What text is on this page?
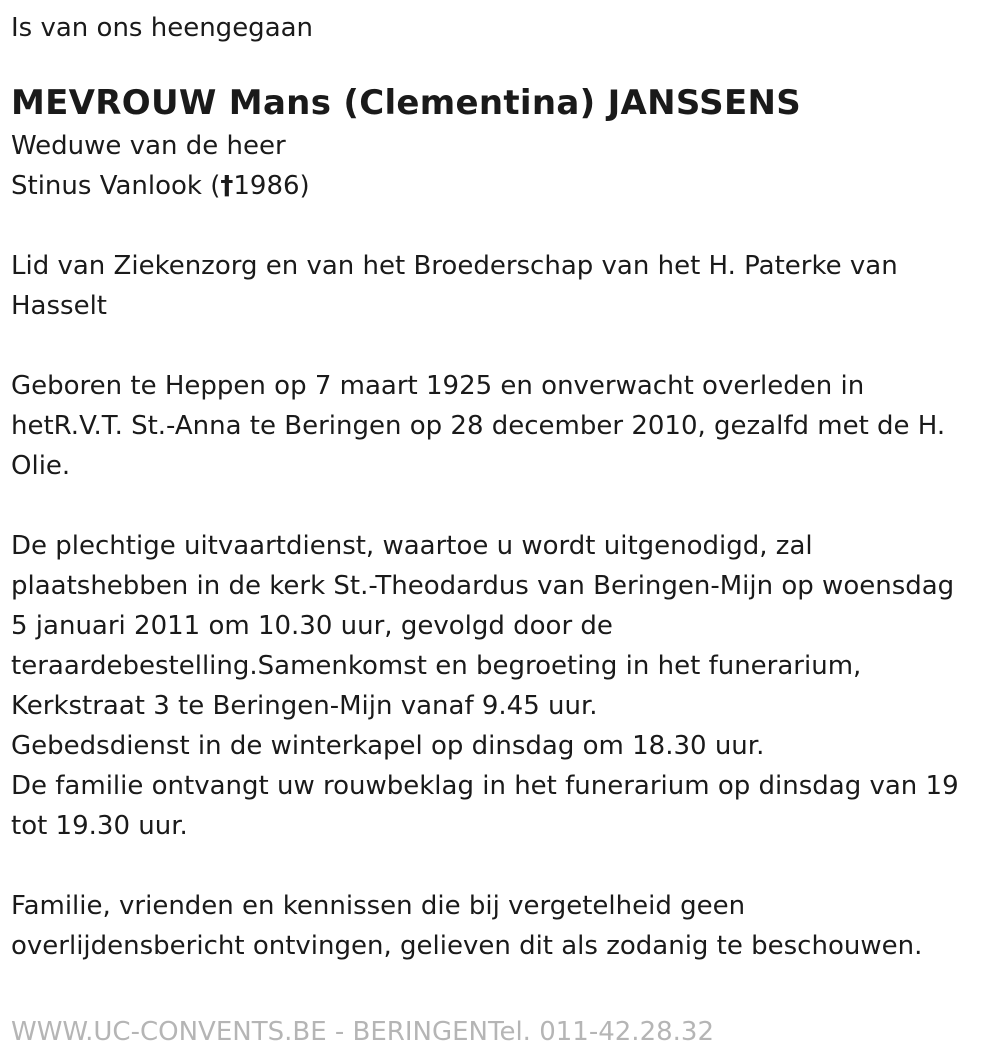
Is van ons heengegaan

MEVROUW Mans (Clementina) JANSSENS

Weduwe van de heer

Stinus Vanlook (†1986)

Lid van Ziekenzorg en van het Broederschap van het H. Paterke van

Hasselt

Geboren te Heppen op 7 maart 1925 en onverwacht overleden in

hetR.V.T. St.-Anna te Beringen op 28 december 2010, gezalfd met de H.

Olie.

De plechtige uitvaartdienst, waartoe u wordt uitgenodigd, zal

plaatshebben in de kerk St.-Theodardus van Beringen-Mijn op woensdag

5 januari 2011 om 10.30 uur, gevolgd door de

teraardebestelling.Samenkomst en begroeting in het funerarium,

Kerkstraat 3 te Beringen-Mijn vanaf 9.45 uur.

Gebedsdienst in de winterkapel op dinsdag om 18.30 uur.

De familie ontvangt uw rouwbeklag in het funerarium op dinsdag van 19

tot 19.30 uur.

Familie, vrienden en kennissen die bij vergetelheid geen

overlijdensbericht ontvingen, gelieven dit als zodanig te beschouwen.

WWW.UC-CONVENTS.BE - BERINGENTel. 011-42.28.32
